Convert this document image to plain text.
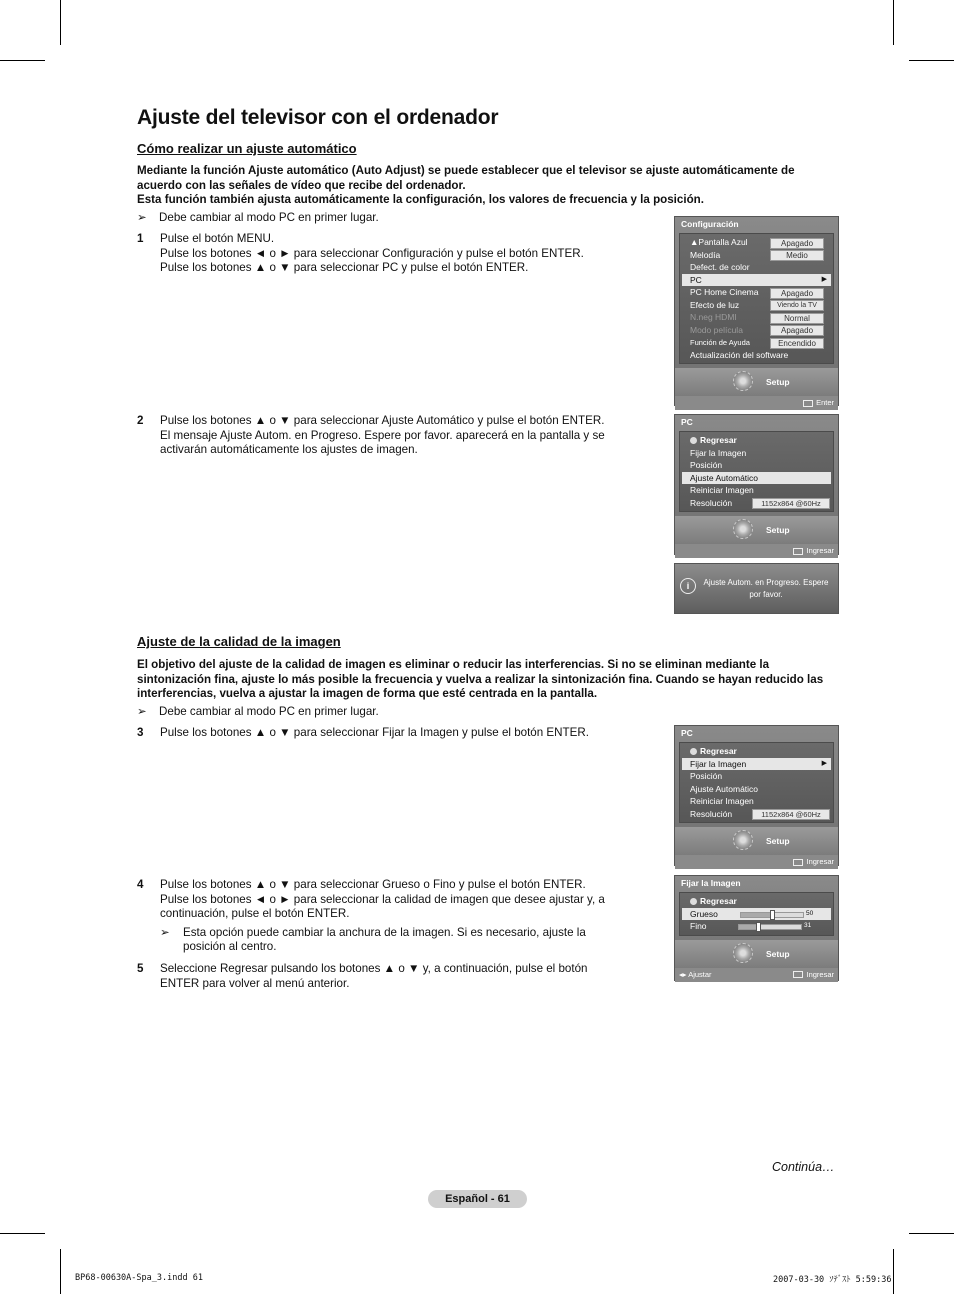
Ajuste del televisor con el ordenador
Cómo realizar un ajuste automático
Mediante la función Ajuste automático (Auto Adjust) se puede establecer que el televisor se ajuste automáticamente de acuerdo con las señales de vídeo que recibe del ordenador.
Esta función también ajusta automáticamente la configuración, los valores de frecuencia y la posición.
➢ Debe cambiar al modo PC en primer lugar.
1 Pulse el botón MENU.
Pulse los botones ◄ o ► para seleccionar Configuración y pulse el botón ENTER.
Pulse los botones ▲ o ▼ para seleccionar PC y pulse el botón ENTER.
Configuración
▲Pantalla Azul	Apagado
Melodía	Medio
Defect. de color
PC	▶
PC Home Cinema	Apagado
Efecto de luz	Viendo la TV
N.neg HDMI	Normal
Modo película	Apagado
Función de Ayuda	Encendido
Actualización del software
Setup
Enter
2 Pulse los botones ▲ o ▼ para seleccionar Ajuste Automático y pulse el botón ENTER.
El mensaje Ajuste Autom. en Progreso. Espere por favor. aparecerá en la pantalla y se activarán automáticamente los ajustes de imagen.
PC
Regresar
Fijar la Imagen
Posición
Ajuste Automático
Reiniciar Imagen
Resolución	1152x864 @60Hz
Setup
Ingresar
i	Ajuste Autom. en Progreso. Espere por favor.
Ajuste de la calidad de la imagen
El objetivo del ajuste de la calidad de imagen es eliminar o reducir las interferencias. Si no se eliminan mediante la sintonización fina, ajuste lo más posible la frecuencia y vuelva a realizar la sintonización fina. Cuando se hayan reducido las interferencias, vuelva a ajustar la imagen de forma que esté centrada en la pantalla.
➢ Debe cambiar al modo PC en primer lugar.
3 Pulse los botones ▲ o ▼ para seleccionar Fijar la Imagen y pulse el botón ENTER.	PC
Regresar
Fijar la Imagen	▶
Posición
Ajuste Automático
Reiniciar Imagen
Resolución	1152x864 @60Hz
Setup
Ingresar
4 Pulse los botones ▲ o ▼ para seleccionar Grueso o Fino y pulse el botón ENTER.
Pulse los botones ◄ o ► para seleccionar la calidad de imagen que desee ajustar y, a continuación, pulse el botón ENTER.
➢ Esta opción puede cambiar la anchura de la imagen. Si es necesario, ajuste la posición al centro.
5 Seleccione Regresar pulsando los botones ▲ o ▼ y, a continuación, pulse el botón ENTER para volver al menú anterior.
Fijar la Imagen
Regresar
Grueso	50
Fino	31
Setup
◂▸ Ajustar	Ingresar
Continúa…
Español - 61
BP68-00630A-Spa_3.indd 61	2007-03-30 ｿﾃﾞｽﾄ 5:59:36
